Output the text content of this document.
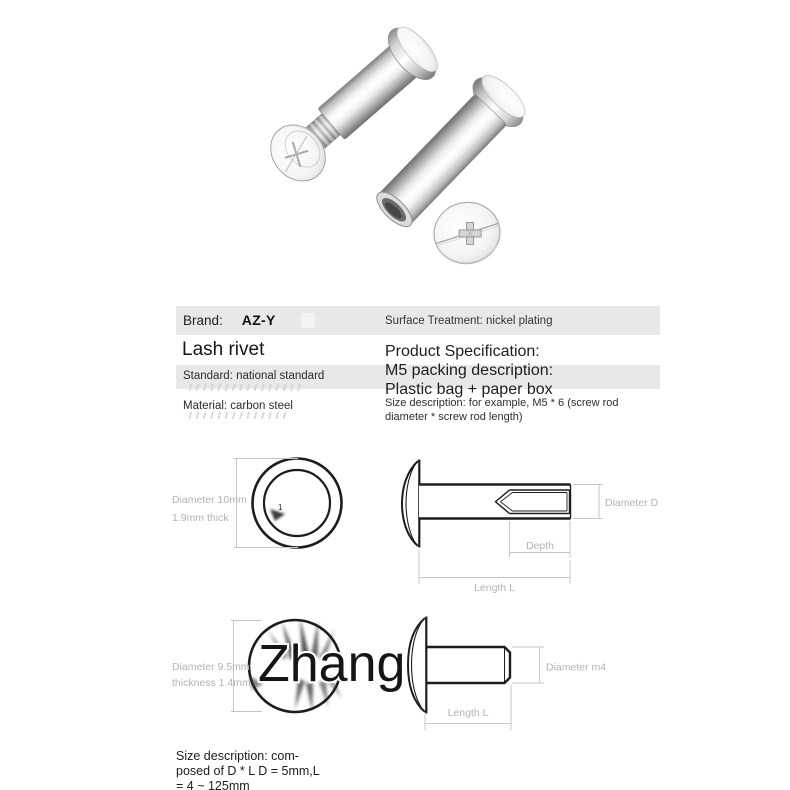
Brand: AZ-Y	Surface Treatment: nickel plating
Lash rivet	Product Specification:
M5 packing description:
Plastic bag + paper box
Standard: national standard
Material: carbon steel	Size description: for example, M5 * 6 (screw rod diameter * screw rod length)
1
Diameter 10mm
1.9mm thick
Diameter D
Depth
Length L
Zhang
Diameter 9.5mm
thickness 1.4mm
Diameter m4
Length L
Size description: com-
posed of D * L D = 5mm,L
= 4 ~ 125mm
